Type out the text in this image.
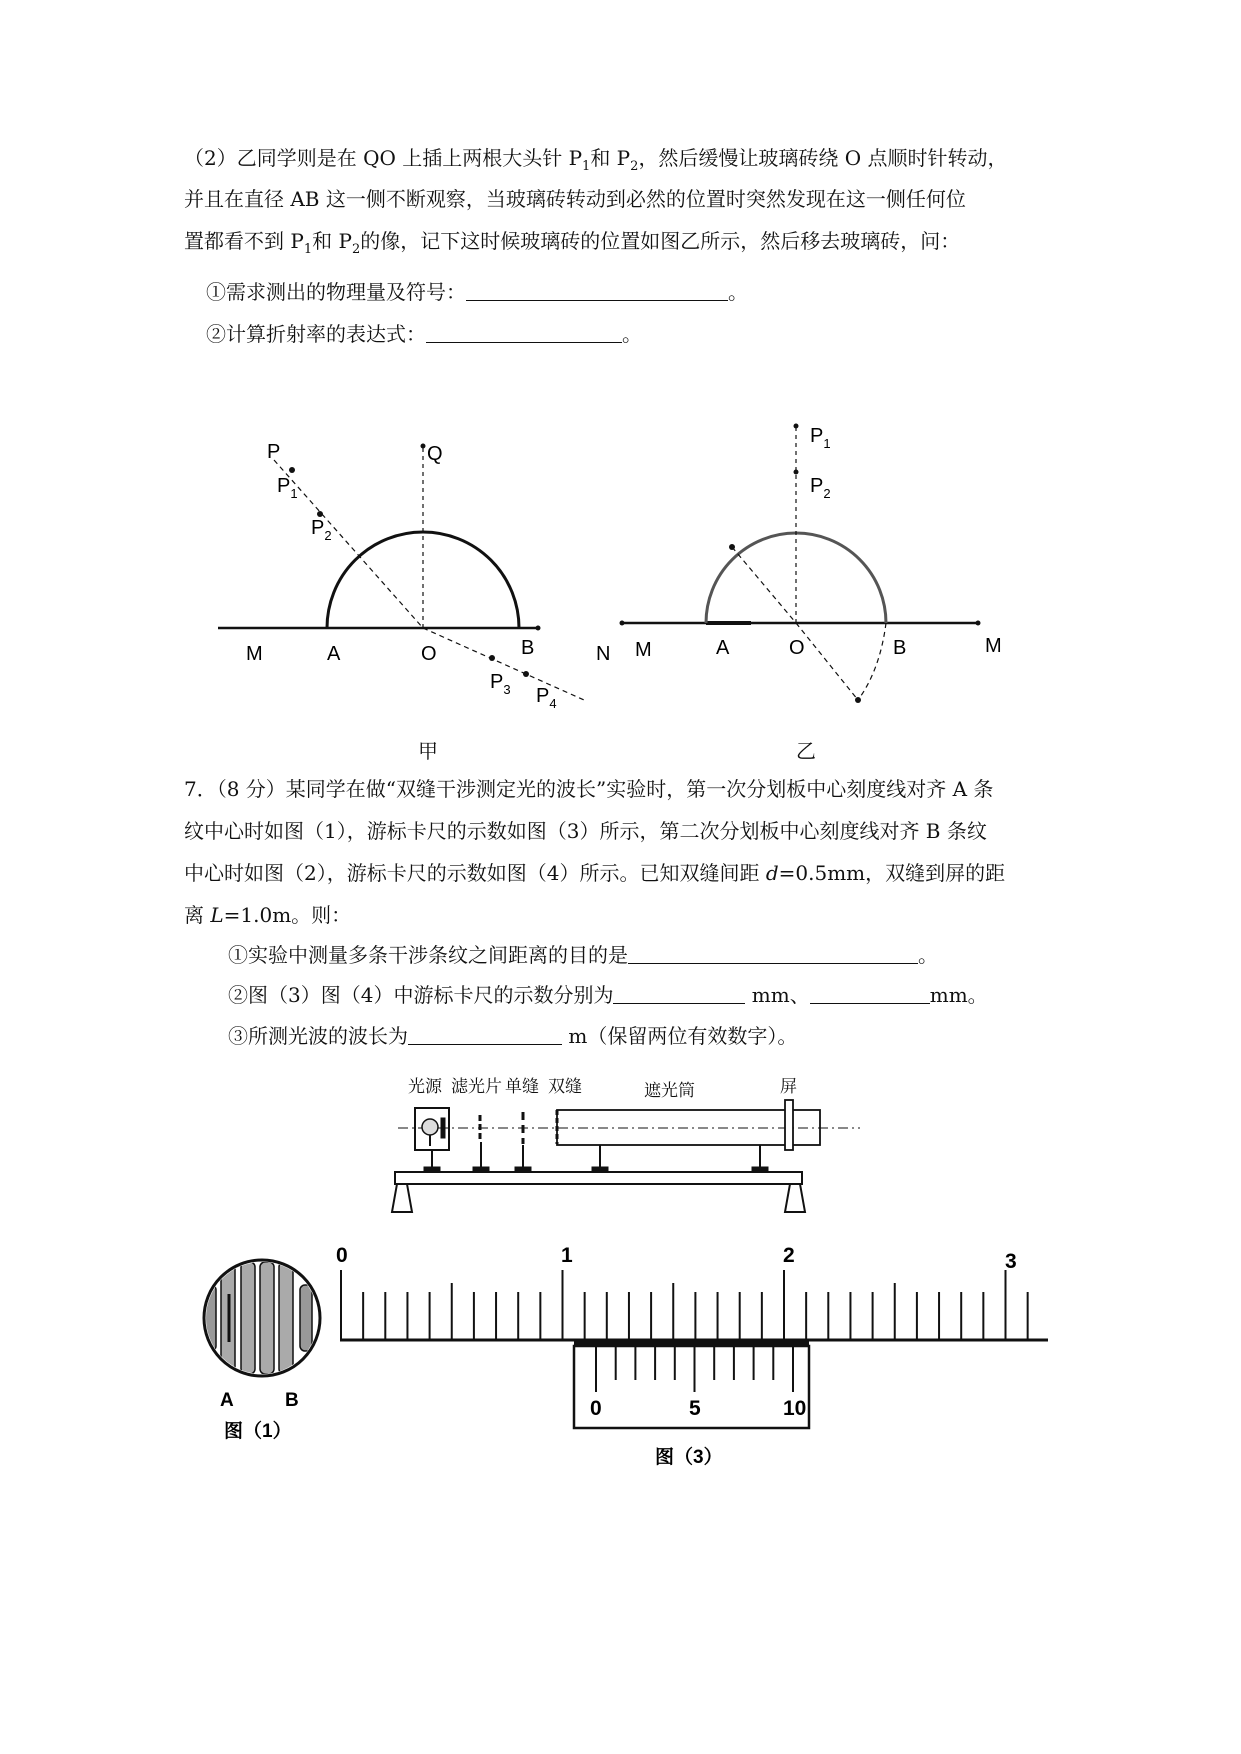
（2）乙同学则是在 QO 上插上两根大头针 $P_1$和 $P_2$，然后缓慢让玻璃砖绕 O 点顺时针转动，
并且在直径 AB 这一侧不断观察，当玻璃砖转动到必然的位置时突然发现在这一侧任何位
置都看不到 $P_1$和 $P_2$的像，记下这时候玻璃砖的位置如图乙所示，然后移去玻璃砖，问：
①需求测出的物理量及符号：	。
②计算折射率的表达式：	。
P	Q
$P_1$
$P_2$
$P_3$ $P_4$
M	A	O	B	N
$P_1$
$P_2$
M	A	O	B	M
甲	乙
7．（8 分）某同学在做“双缝干涉测定光的波长”实验时，第一次分划板中心刻度线对齐 A 条
纹中心时如图（1），游标卡尺的示数如图（3）所示，第二次分划板中心刻度线对齐 B 条纹
中心时如图（2），游标卡尺的示数如图（4）所示。已知双缝间距 d=0.5mm，双缝到屏的距
离 L=1.0m。则：
①实验中测量多条干涉条纹之间距离的目的是	。
②图（3）图（4）中游标卡尺的示数分别为	mm、	mm。
③所测光波的波长为	m（保留两位有效数字）。
光源 滤光片 单缝 双缝	遮光筒	屏
A	B
图（1）
0	1	2	3
0	5	10
图（3）
